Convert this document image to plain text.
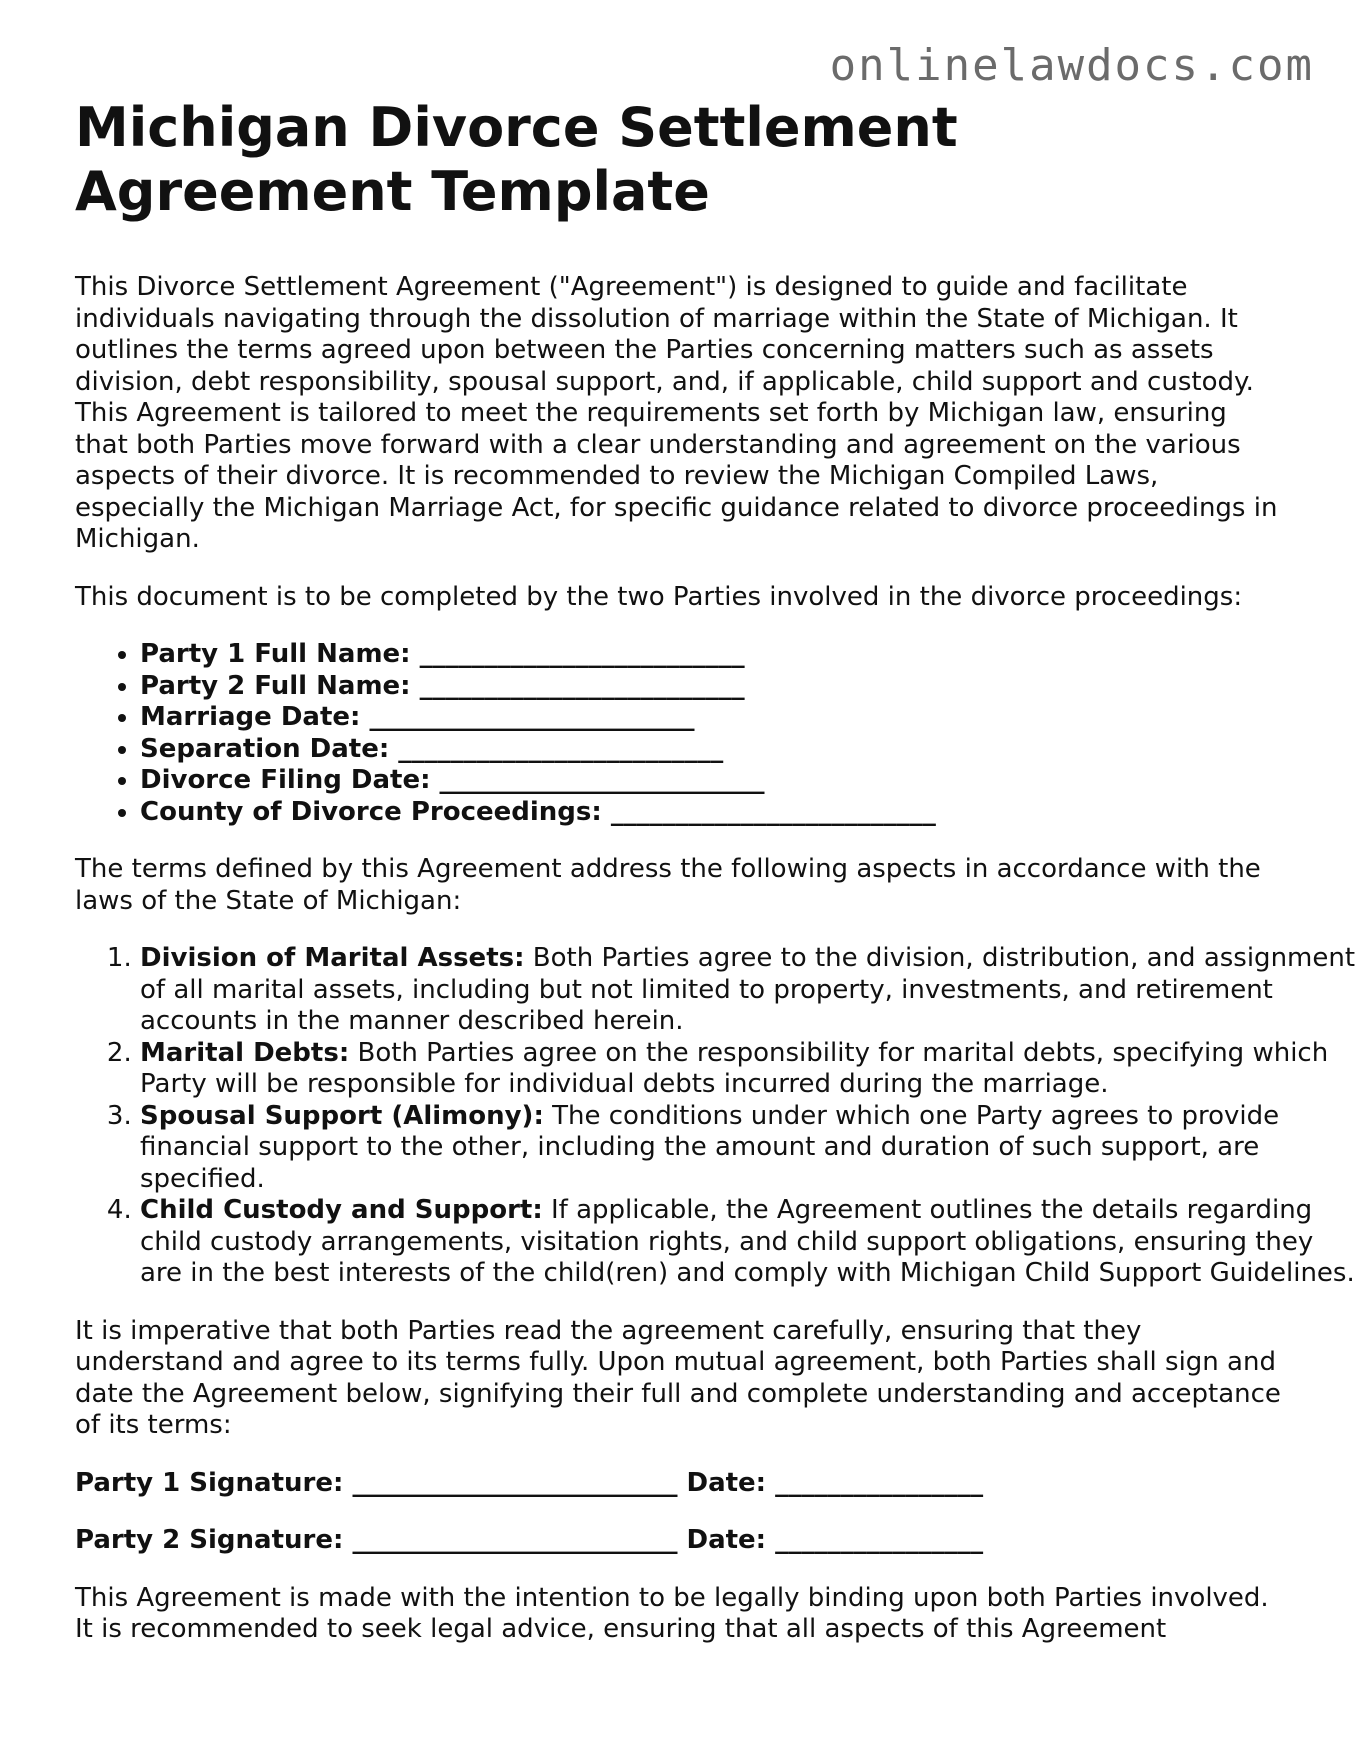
onlinelawdocs.com
Michigan Divorce Settlement
Agreement Template

This Divorce Settlement Agreement ("Agreement") is designed to guide and facilitate individuals navigating through the dissolution of marriage within the State of Michigan. It outlines the terms agreed upon between the Parties concerning matters such as assets division, debt responsibility, spousal support, and, if applicable, child support and custody. This Agreement is tailored to meet the requirements set forth by Michigan law, ensuring that both Parties move forward with a clear understanding and agreement on the various aspects of their divorce. It is recommended to review the Michigan Compiled Laws, especially the Michigan Marriage Act, for specific guidance related to divorce proceedings in Michigan.

This document is to be completed by the two Parties involved in the divorce proceedings:

• Party 1 Full Name: _________________________
• Party 2 Full Name: _________________________
• Marriage Date: _________________________
• Separation Date: _________________________
• Divorce Filing Date: _________________________
• County of Divorce Proceedings: _________________________

The terms defined by this Agreement address the following aspects in accordance with the laws of the State of Michigan:

1. Division of Marital Assets: Both Parties agree to the division, distribution, and assignment of all marital assets, including but not limited to property, investments, and retirement accounts in the manner described herein.
2. Marital Debts: Both Parties agree on the responsibility for marital debts, specifying which Party will be responsible for individual debts incurred during the marriage.
3. Spousal Support (Alimony): The conditions under which one Party agrees to provide financial support to the other, including the amount and duration of such support, are specified.
4. Child Custody and Support: If applicable, the Agreement outlines the details regarding child custody arrangements, visitation rights, and child support obligations, ensuring they are in the best interests of the child(ren) and comply with Michigan Child Support Guidelines.

It is imperative that both Parties read the agreement carefully, ensuring that they understand and agree to its terms fully. Upon mutual agreement, both Parties shall sign and date the Agreement below, signifying their full and complete understanding and acceptance of its terms:

Party 1 Signature: _________________________ Date: ________________

Party 2 Signature: _________________________ Date: ________________

This Agreement is made with the intention to be legally binding upon both Parties involved. It is recommended to seek legal advice, ensuring that all aspects of this Agreement
